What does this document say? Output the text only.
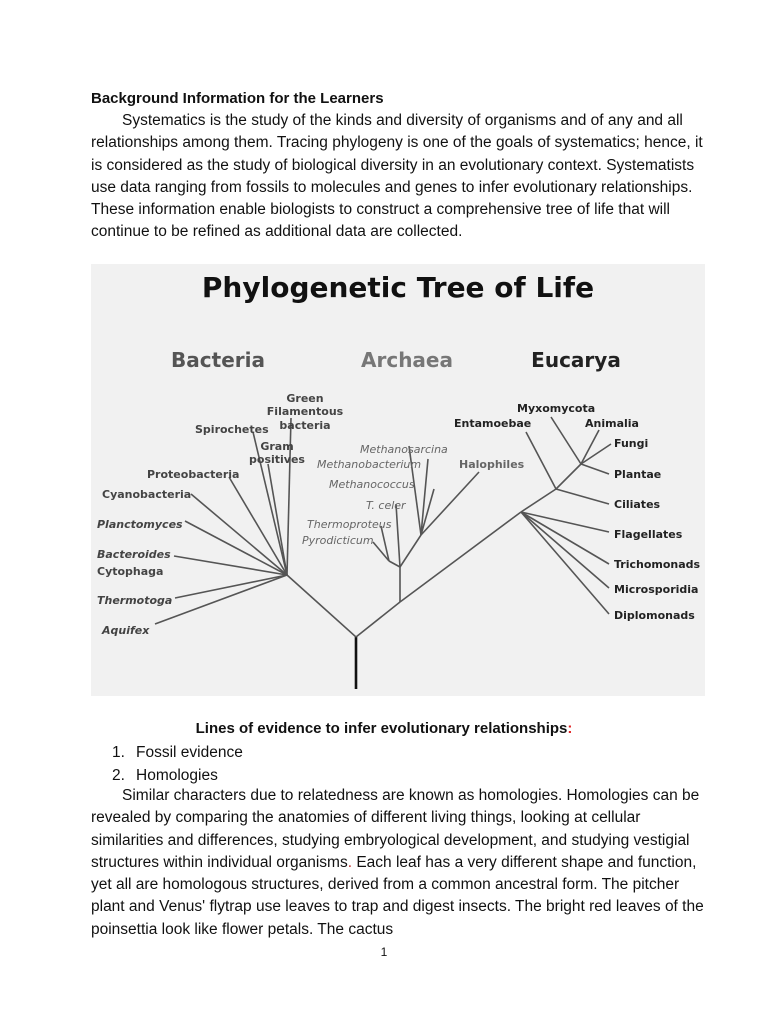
Background Information for the Learners

Systematics is the study of the kinds and diversity of organisms and of any and all relationships among them. Tracing phylogeny is one of the goals of systematics; hence, it is considered as the study of biological diversity in an evolutionary context. Systematists use data ranging from fossils to molecules and genes to infer evolutionary relationships. These information enable biologists to construct a comprehensive tree of life that will continue to be refined as additional data are collected.

Phylogenetic Tree of Life
Bacteria	Archaea	Eucarya
Green
Filamentous
bacteria
Spirochetes
Gram
positives
Proteobacteria
Cyanobacteria
Planctomyces
Bacteroides
Cytophaga
Thermotoga
Aquifex
Methanosarcina
Methanobacterium	Halophiles
Methanococcus
T. celer
Thermoproteus
Pyrodicticum
Myxomycota
Entamoebae	Animalia
Fungi
Plantae
Ciliates
Flagellates
Trichomonads
Microsporidia
Diplomonads
Lines of evidence to infer evolutionary relationships:
1. Fossil evidence
2. Homologies

Similar characters due to relatedness are known as homologies. Homologies can be revealed by comparing the anatomies of different living things, looking at cellular similarities and differences, studying embryological development, and studying vestigial structures within individual organisms. Each leaf has a very different shape and function, yet all are homologous structures, derived from a common ancestral form. The pitcher plant and Venus' flytrap use leaves to trap and digest insects. The bright red leaves of the poinsettia look like flower petals. The cactus

1
